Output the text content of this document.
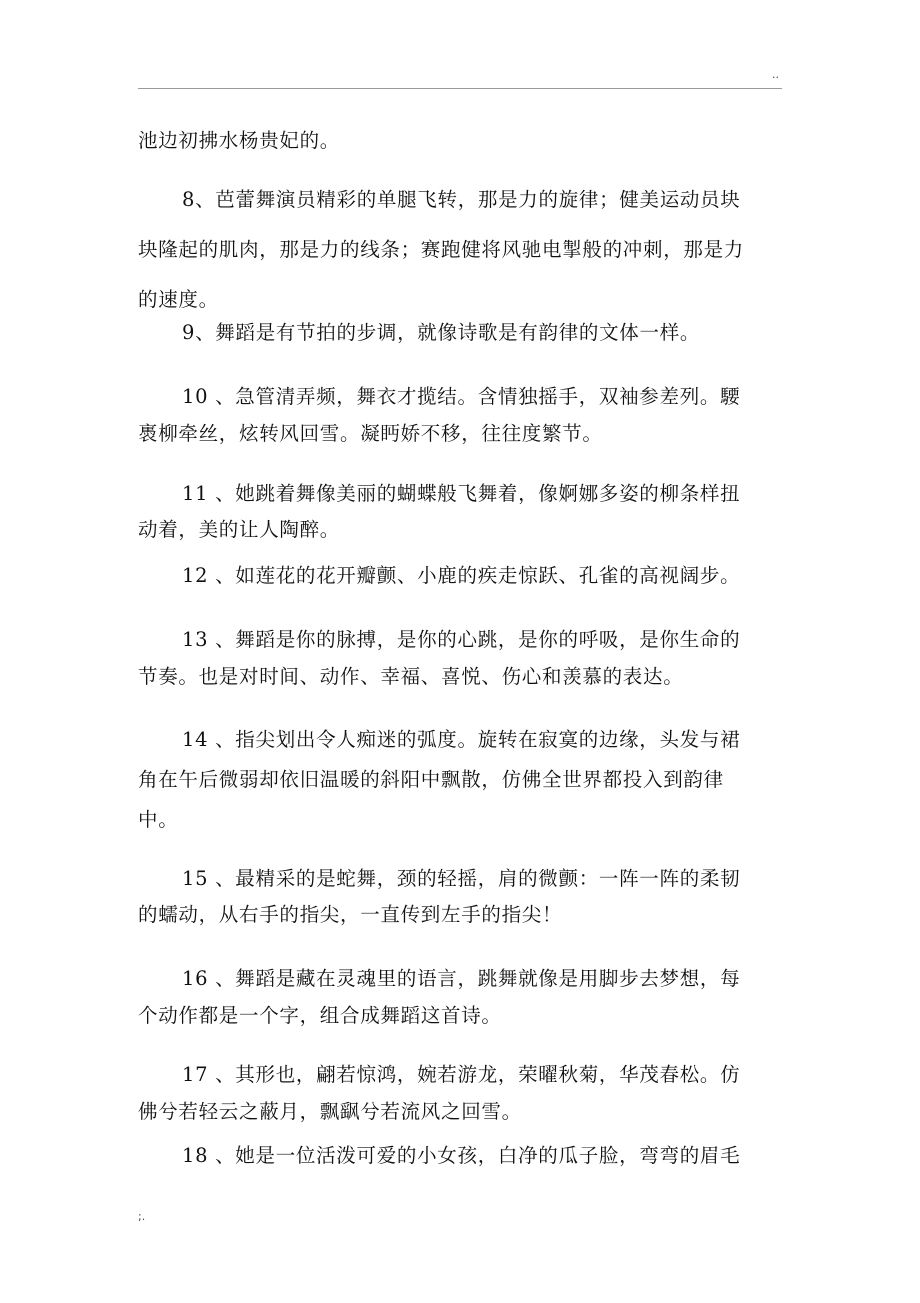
..

池边初拂水杨贵妃的。

8、芭蕾舞演员精彩的单腿飞转，那是力的旋律；健美运动员块

块隆起的肌肉，那是力的线条；赛跑健将风驰电掣般的冲刺，那是力
的速度。

9、舞蹈是有节拍的步调，就像诗歌是有韵律的文体一样。

10 、急管清弄频，舞衣才揽结。含情独摇手，双袖参差列。騕
褭柳牵丝，炫转风回雪。凝眄娇不移，往往度繁节。

11 、她跳着舞像美丽的蝴蝶般飞舞着，像婀娜多姿的柳条样扭
动着，美的让人陶醉。

12 、如莲花的花开瓣颤、小鹿的疾走惊跃、孔雀的高视阔步。

13 、舞蹈是你的脉搏，是你的心跳，是你的呼吸，是你生命的
节奏。也是对时间、动作、幸福、喜悦、伤心和羡慕的表达。

14 、指尖划出令人痴迷的弧度。旋转在寂寞的边缘，头发与裙
角在午后微弱却依旧温暖的斜阳中飘散，仿佛全世界都投入到韵律
中。

15 、最精采的是蛇舞，颈的轻摇，肩的微颤：一阵一阵的柔韧
的蠕动，从右手的指尖，一直传到左手的指尖！

16 、舞蹈是藏在灵魂里的语言，跳舞就像是用脚步去梦想，每
个动作都是一个字，组合成舞蹈这首诗。

17 、其形也，翩若惊鸿，婉若游龙，荣曜秋菊，华茂春松。仿
佛兮若轻云之蔽月，飘飖兮若流风之回雪。

18 、她是一位活泼可爱的小女孩，白净的瓜子脸，弯弯的眉毛

;.
